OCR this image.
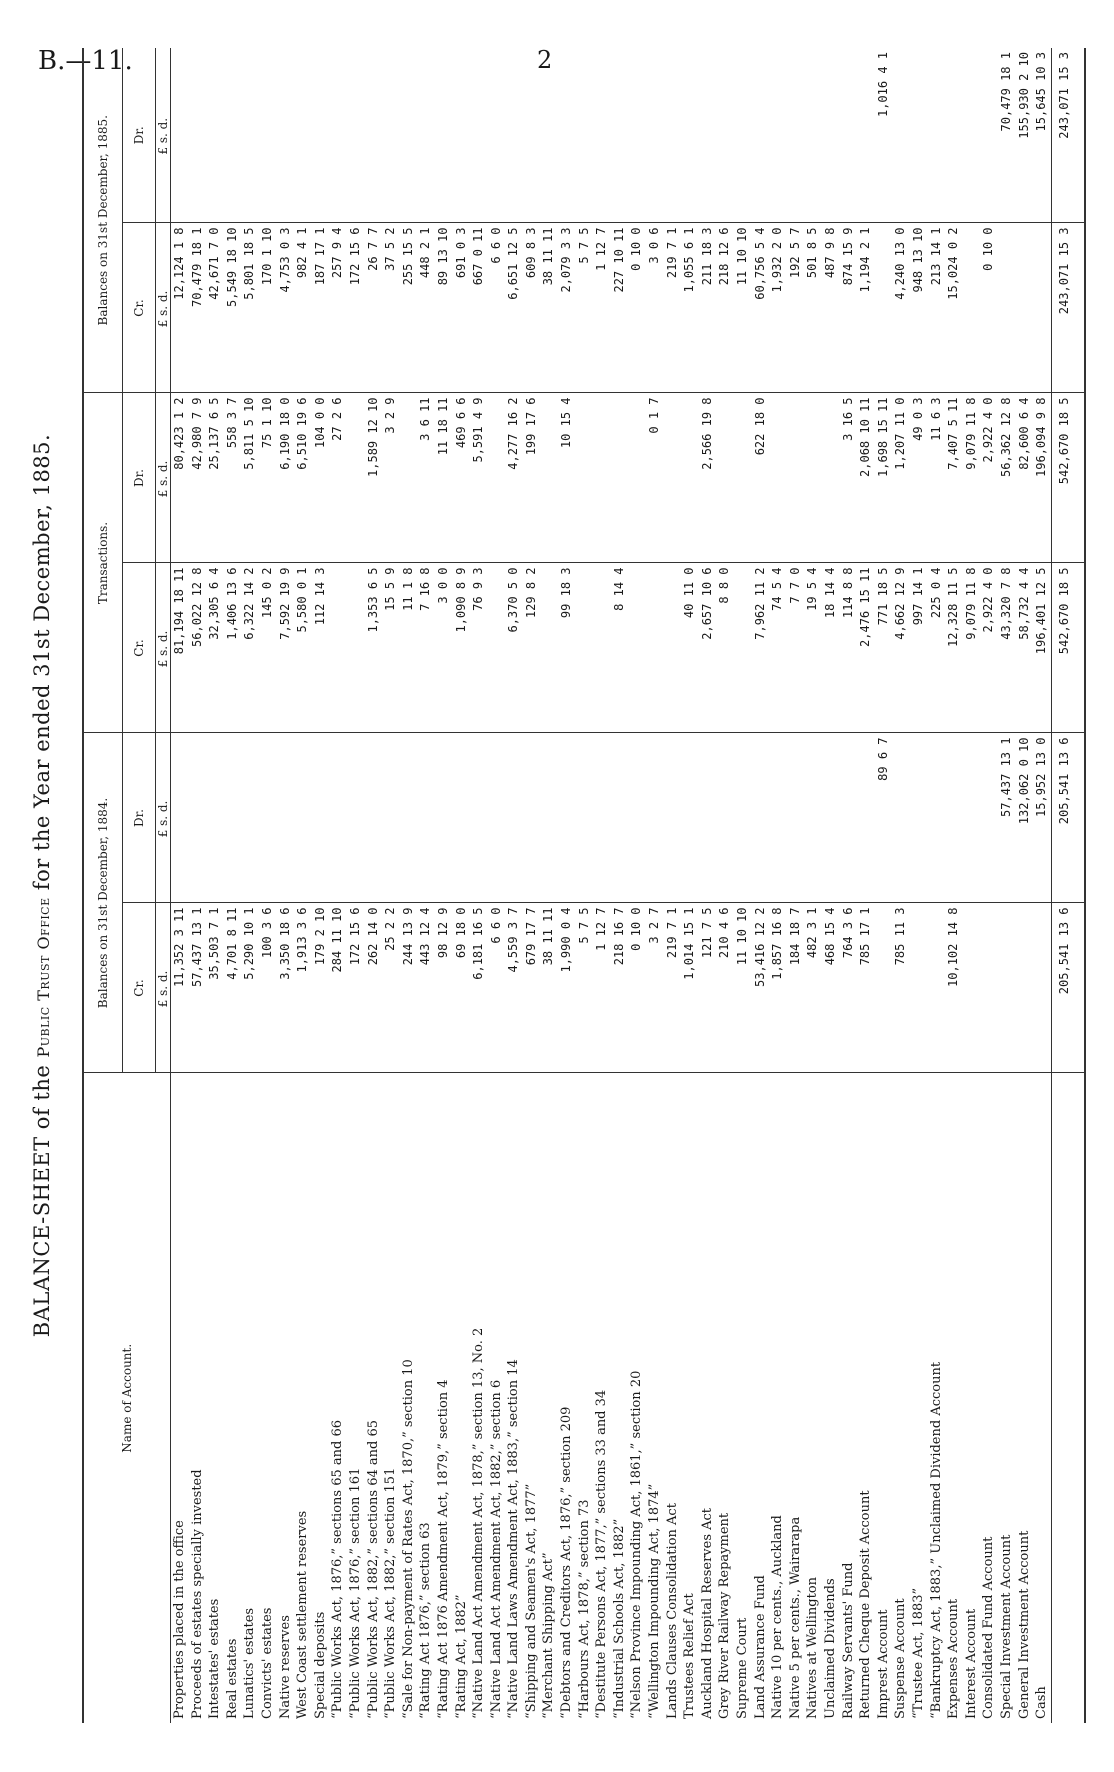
B.—11.	2
BALANCE-SHEET of the Public Trust Office for the Year ended 31st December, 1885.
Name of Account.	Balances on 31st December, 1884.		Transactions.		Balances on 31st December, 1885.	
	Cr.	Dr.	Cr.	Dr.	Cr.	Dr.
	£ s. d.	£ s. d.	£ s. d.	£ s. d.	£ s. d.	£ s. d.
Properties placed in the office	11,352 3 11		81,194 18 11	80,423 1 2	12,124 1 8	
Proceeds of estates specially invested	57,437 13 1		56,022 12 8	42,980 7 9	70,479 18 1	
Intestates' estates	35,503 7 1		32,305 6 4	25,137 6 5	42,671 7 0	
Real estates	4,701 8 11		1,406 13 6	558 3 7	5,549 18 10	
Lunatics' estates	5,290 10 1		6,322 14 2	5,811 5 10	5,801 18 5	
Convicts' estates	100 3 6		145 0 2	75 1 10	170 1 10	
Native reserves	3,350 18 6		7,592 19 9	6,190 18 0	4,753 0 3	
West Coast settlement reserves	1,913 3 6		5,580 0 1	6,510 19 6	982 4 1	
Special deposits	179 2 10		112 14 3	104 0 0	187 17 1	
“Public Works Act, 1876,” sections 65 and 66	284 11 10			27 2 6	257 9 4	
“Public Works Act, 1876,” section 161	172 15 6				172 15 6	
“Public Works Act, 1882,” sections 64 and 65	262 14 0		1,353 6 5	1,589 12 10	26 7 7	
“Public Works Act, 1882,” section 151	25 2 2		15 5 9	3 2 9	37 5 2	
“Sale for Non-payment of Rates Act, 1870,” section 10	244 13 9		11 1 8		255 15 5	
“Rating Act 1876,” section 63	443 12 4		7 16 8	3 6 11	448 2 1	
“Rating Act 1876 Amendment Act, 1879,” section 4	98 12 9		3 0 0	11 18 11	89 13 10	
“Rating Act, 1882”	69 18 0		1,090 8 9	469 6 6	691 0 3	
“Native Land Act Amendment Act, 1878,” section 13, No. 2	6,181 16 5		76 9 3	5,591 4 9	667 0 11	
“Native Land Act Amendment Act, 1882,” section 6	6 6 0				6 6 0	
“Native Land Laws Amendment Act, 1883,” section 14	4,559 3 7		6,370 5 0	4,277 16 2	6,651 12 5	
“Shipping and Seamen's Act, 1877”	679 17 7		129 8 2	199 17 6	609 8 3	
“Merchant Shipping Act”	38 11 11				38 11 11	
“Debtors and Creditors Act, 1876,” section 209	1,990 0 4		99 18 3	10 15 4	2,079 3 3	
“Harbours Act, 1878,” section 73	5 7 5				5 7 5	
“Destitute Persons Act, 1877,” sections 33 and 34	1 12 7				1 12 7	
“Industrial Schools Act, 1882”	218 16 7		8 14 4		227 10 11	
“Nelson Province Impounding Act, 1861,” section 20	0 10 0				0 10 0	
“Wellington Impounding Act, 1874”	3 2 7			0 1 7	3 0 6	
Lands Clauses Consolidation Act	219 7 1				219 7 1	
Trustees Relief Act	1,014 15 1		40 11 0		1,055 6 1	
Auckland Hospital Reserves Act	121 7 5		2,657 10 6	2,566 19 8	211 18 3	
Grey River Railway Repayment	210 4 6		8 8 0		218 12 6	
Supreme Court	11 10 10				11 10 10	
Land Assurance Fund	53,416 12 2		7,962 11 2	622 18 0	60,756 5 4	
Native 10 per cents., Auckland	1,857 16 8		74 5 4		1,932 2 0	
Native 5 per cents., Wairarapa	184 18 7		7 7 0		192 5 7	
Natives at Wellington	482 3 1		19 5 4		501 8 5	
Unclaimed Dividends	468 15 4		18 14 4		487 9 8	
Railway Servants' Fund	764 3 6		114 8 8	3 16 5	874 15 9	
Returned Cheque Deposit Account	785 17 1		2,476 15 11	2,068 10 11	1,194 2 1	
Imprest Account		89 6 7	771 18 5	1,698 15 11		1,016 4 1
Suspense Account	785 11 3		4,662 12 9	1,207 11 0	4,240 13 0	
“Trustee Act, 1883”			997 14 1	49 0 3	948 13 10	
“Bankruptcy Act, 1883,” Unclaimed Dividend Account			225 0 4	11 6 3	213 14 1	
Expenses Account	10,102 14 8		12,328 11 5	7,407 5 11	15,024 0 2	
Interest Account			9,079 11 8	9,079 11 8		
Consolidated Fund Account			2,922 4 0	2,922 4 0	0 10 0	
Special Investment Account		57,437 13 1	43,320 7 8	56,362 12 8		70,479 18 1
General Investment Account		132,062 0 10	58,732 4 4	82,600 6 4		155,930 2 10
Cash		15,952 13 0	196,401 12 5	196,094 9 8		15,645 10 3
	205,541 13 6	205,541 13 6	542,670 18 5	542,670 18 5	243,071 15 3	243,071 15 3
